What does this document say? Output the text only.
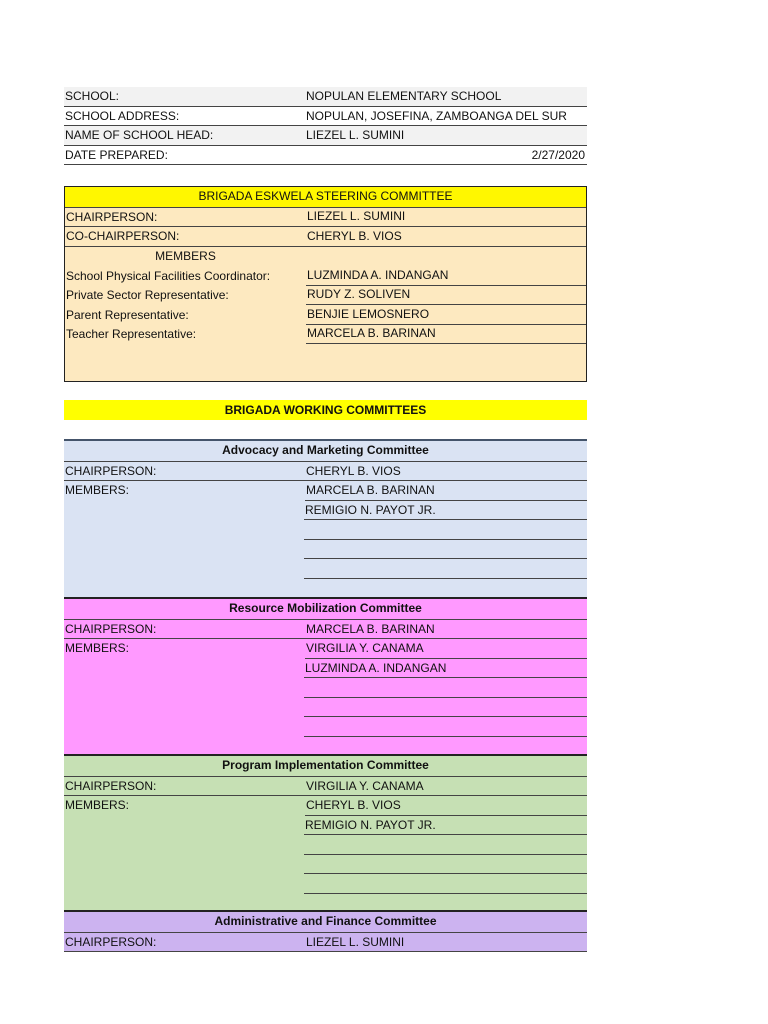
SCHOOL:	NOPULAN ELEMENTARY SCHOOL
SCHOOL ADDRESS:	NOPULAN, JOSEFINA, ZAMBOANGA DEL SUR
NAME OF SCHOOL HEAD:	LIEZEL L. SUMINI
DATE PREPARED:	2/27/2020
BRIGADA ESKWELA STEERING COMMITTEE
CHAIRPERSON:	LIEZEL L. SUMINI
CO-CHAIRPERSON:	CHERYL B. VIOS
MEMBERS
School Physical Facilities Coordinator:	LUZMINDA A. INDANGAN
Private Sector Representative:	RUDY Z. SOLIVEN
Parent Representative:	BENJIE LEMOSNERO
Teacher Representative:	MARCELA B. BARINAN
BRIGADA WORKING COMMITTEES
Advocacy and Marketing Committee
CHAIRPERSON:	CHERYL B. VIOS
MEMBERS:	MARCELA B. BARINAN
REMIGIO N. PAYOT JR.
Resource Mobilization Committee
CHAIRPERSON:	MARCELA B. BARINAN
MEMBERS:	VIRGILIA Y. CANAMA
LUZMINDA A. INDANGAN
Program Implementation Committee
CHAIRPERSON:	VIRGILIA Y. CANAMA
MEMBERS:	CHERYL B. VIOS
REMIGIO N. PAYOT JR.
Administrative and Finance Committee
CHAIRPERSON:	LIEZEL L. SUMINI
